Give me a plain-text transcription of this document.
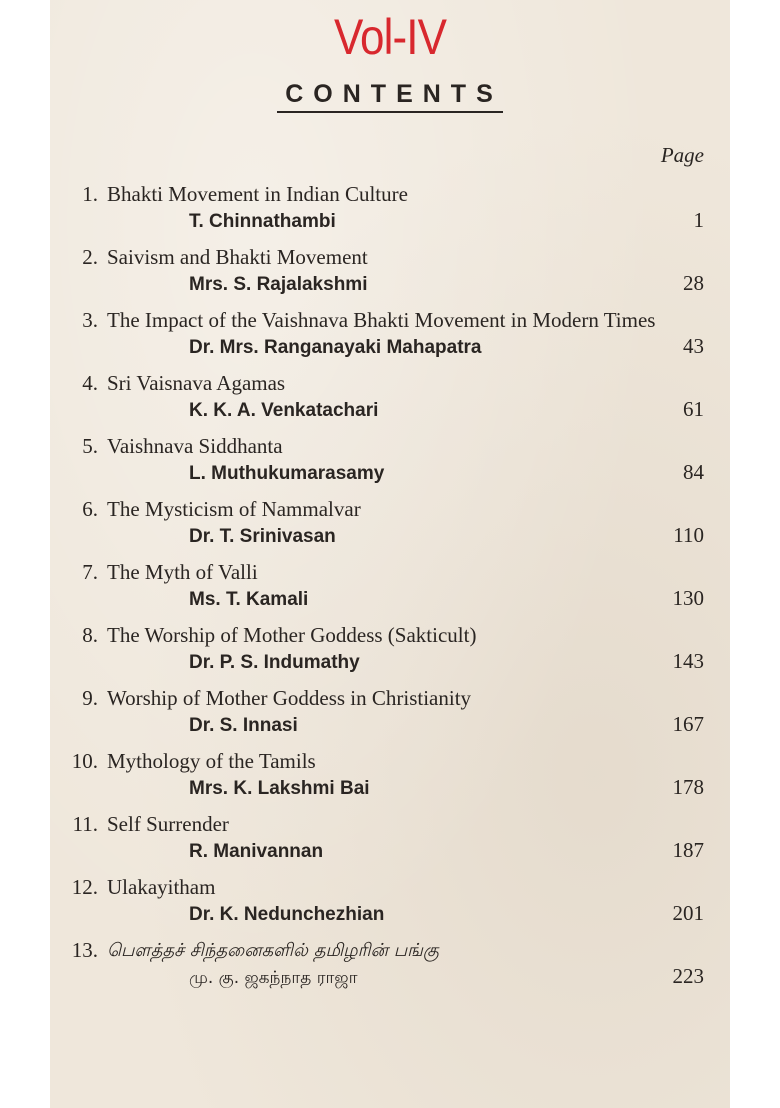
Vol-IV
CONTENTS
Page
1. Bhakti Movement in Indian Culture
T. Chinnathambi	1
2. Saivism and Bhakti Movement
Mrs. S. Rajalakshmi	28
3. The Impact of the Vaishnava Bhakti Movement in Modern Times
Dr. Mrs. Ranganayaki Mahapatra	43
4. Sri Vaisnava Agamas
K. K. A. Venkatachari	61
5. Vaishnava Siddhanta
L. Muthukumarasamy	84
6. The Mysticism of Nammalvar
Dr. T. Srinivasan	110
7. The Myth of Valli
Ms. T. Kamali	130
8. The Worship of Mother Goddess (Sakticult)
Dr. P. S. Indumathy	143
9. Worship of Mother Goddess in Christianity
Dr. S. Innasi	167
10. Mythology of the Tamils
Mrs. K. Lakshmi Bai	178
11. Self Surrender
R. Manivannan	187
12. Ulakayitham
Dr. K. Nedunchezhian	201
13. பௌத்தச் சிந்தனைகளில் தமிழரின் பங்கு
மு. கு. ஜகந்நாத ராஜா	223
